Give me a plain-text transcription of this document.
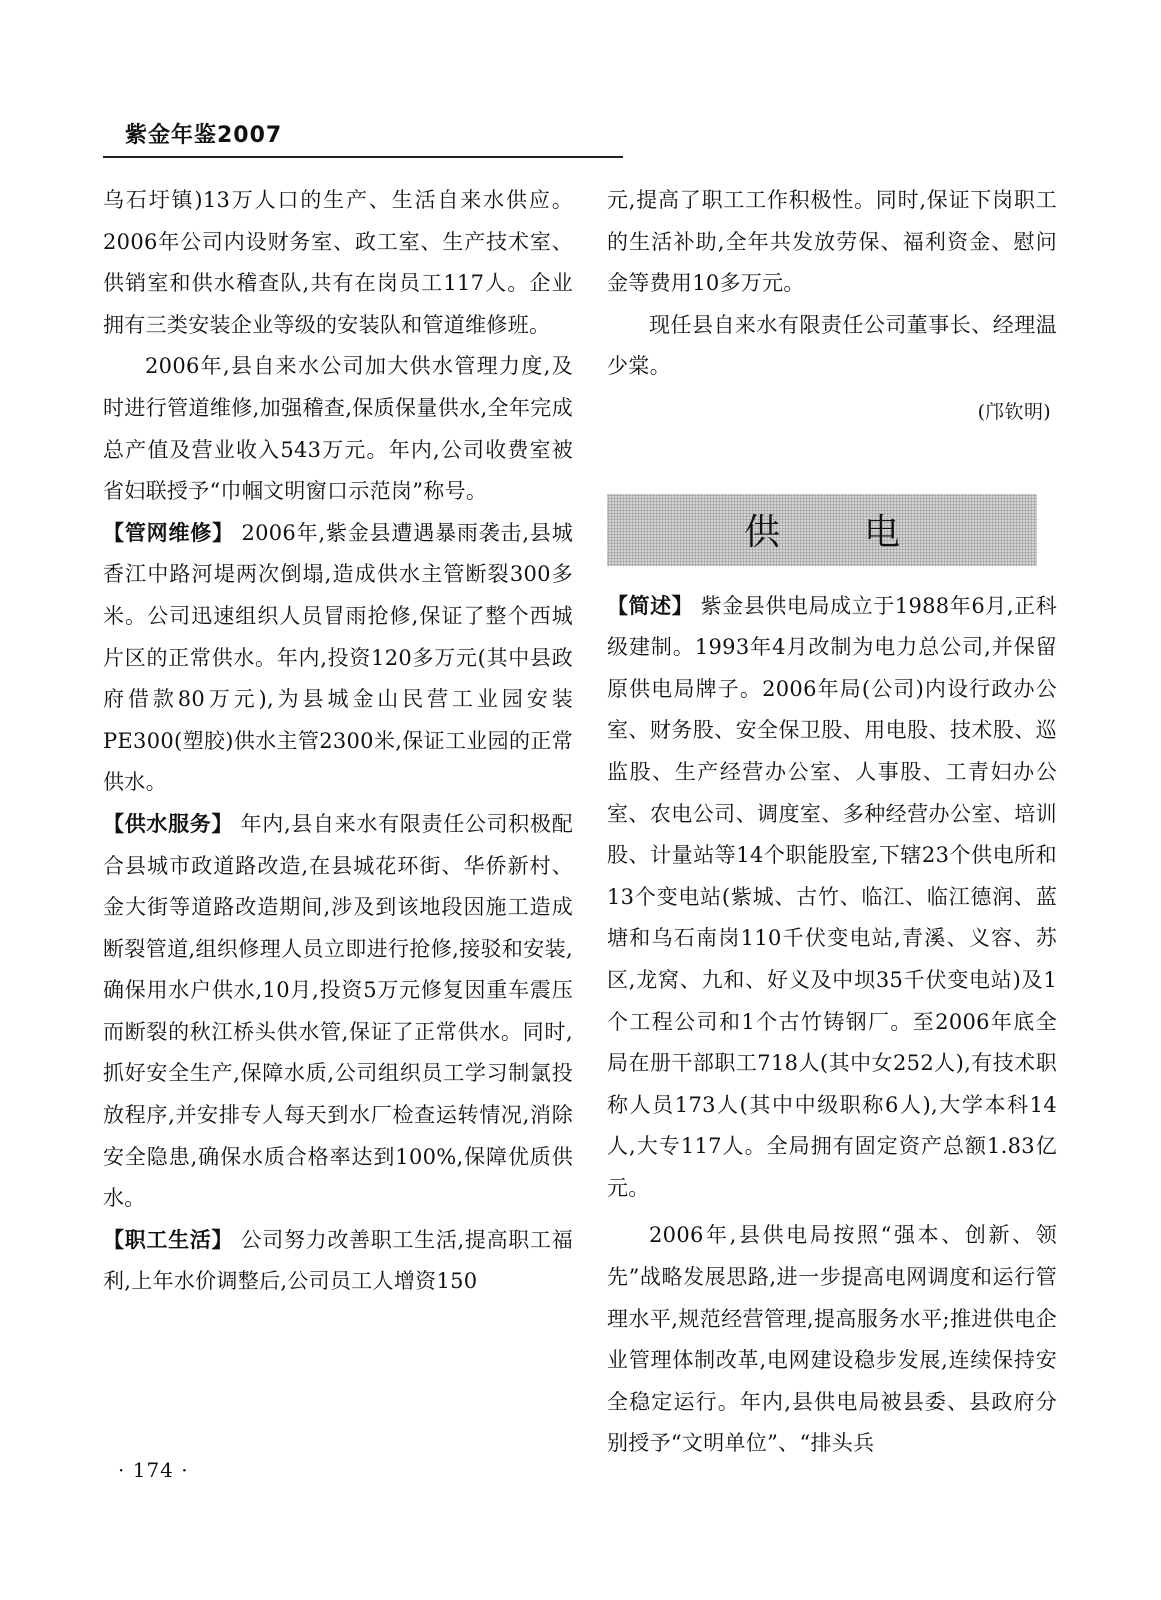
紫金年鉴2007

乌石圩镇)13万人口的生产、生活自来水供应。2006年公司内设财务室、政工室、生产技术室、供销室和供水稽查队,共有在岗员工117人。企业拥有三类安装企业等级的安装队和管道维修班。

2006年,县自来水公司加大供水管理力度,及时进行管道维修,加强稽查,保质保量供水,全年完成总产值及营业收入543万元。年内,公司收费室被省妇联授予“巾帼文明窗口示范岗”称号。

【管网维修】 2006年,紫金县遭遇暴雨袭击,县城香江中路河堤两次倒塌,造成供水主管断裂300多米。公司迅速组织人员冒雨抢修,保证了整个西城片区的正常供水。年内,投资120多万元(其中县政府借款80万元),为县城金山民营工业园安装PE300(塑胶)供水主管2300米,保证工业园的正常供水。

【供水服务】 年内,县自来水有限责任公司积极配合县城市政道路改造,在县城花环街、华侨新村、金大街等道路改造期间,涉及到该地段因施工造成断裂管道,组织修理人员立即进行抢修,接驳和安装,确保用水户供水,10月,投资5万元修复因重车震压而断裂的秋江桥头供水管,保证了正常供水。同时,抓好安全生产,保障水质,公司组织员工学习制氯投放程序,并安排专人每天到水厂检查运转情况,消除安全隐患,确保水质合格率达到100%,保障优质供水。

【职工生活】 公司努力改善职工生活,提高职工福利,上年水价调整后,公司员工人增资150

元,提高了职工工作积极性。同时,保证下岗职工的生活补助,全年共发放劳保、福利资金、慰问金等费用10多万元。

现任县自来水有限责任公司董事长、经理温少棠。

(邝钦明)

供电

【简述】 紫金县供电局成立于1988年6月,正科级建制。1993年4月改制为电力总公司,并保留原供电局牌子。2006年局(公司)内设行政办公室、财务股、安全保卫股、用电股、技术股、巡监股、生产经营办公室、人事股、工青妇办公室、农电公司、调度室、多种经营办公室、培训股、计量站等14个职能股室,下辖23个供电所和13个变电站(紫城、古竹、临江、临江德润、蓝塘和乌石南岗110千伏变电站,青溪、义容、苏区,龙窝、九和、好义及中坝35千伏变电站)及1个工程公司和1个古竹铸钢厂。至2006年底全局在册干部职工718人(其中女252人),有技术职称人员173人(其中中级职称6人),大学本科14人,大专117人。全局拥有固定资产总额1.83亿元。

2006年,县供电局按照“强本、创新、领先”战略发展思路,进一步提高电网调度和运行管理水平,规范经营管理,提高服务水平;推进供电企业管理体制改革,电网建设稳步发展,连续保持安全稳定运行。年内,县供电局被县委、县政府分别授予“文明单位”、“排头兵

· 174 ·
